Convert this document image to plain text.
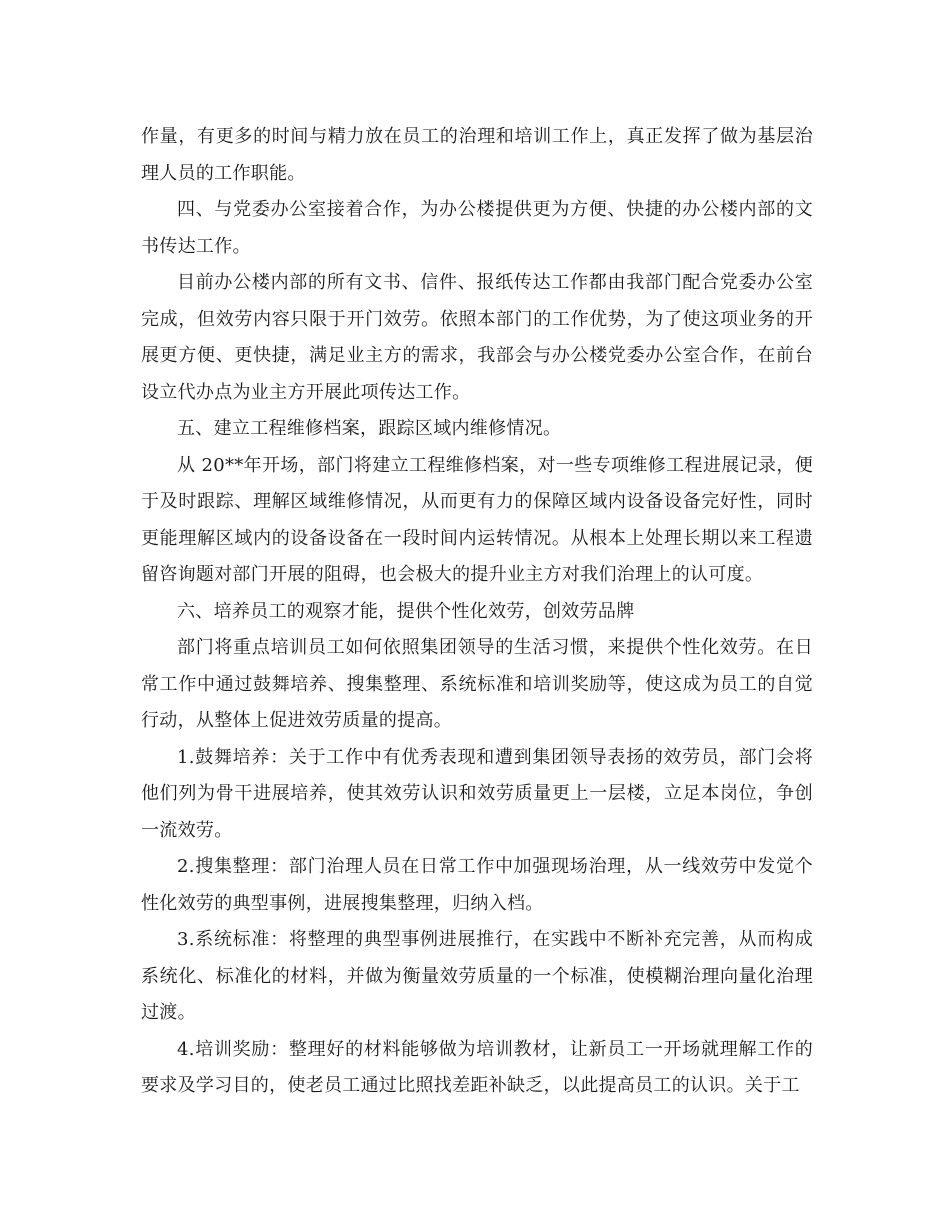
作量，有更多的时间与精力放在员工的治理和培训工作上，真正发挥了做为基层治理人员的工作职能。

四、与党委办公室接着合作，为办公楼提供更为方便、快捷的办公楼内部的文书传达工作。

目前办公楼内部的所有文书、信件、报纸传达工作都由我部门配合党委办公室完成，但效劳内容只限于开门效劳。依照本部门的工作优势，为了使这项业务的开展更方便、更快捷，满足业主方的需求，我部会与办公楼党委办公室合作，在前台设立代办点为业主方开展此项传达工作。

五、建立工程维修档案，跟踪区域内维修情况。

从 20**年开场，部门将建立工程维修档案，对一些专项维修工程进展记录，便于及时跟踪、理解区域维修情况，从而更有力的保障区域内设备设备完好性，同时更能理解区域内的设备设备在一段时间内运转情况。从根本上处理长期以来工程遗留咨询题对部门开展的阻碍，也会极大的提升业主方对我们治理上的认可度。

六、培养员工的观察才能，提供个性化效劳，创效劳品牌

部门将重点培训员工如何依照集团领导的生活习惯，来提供个性化效劳。在日常工作中通过鼓舞培养、搜集整理、系统标准和培训奖励等，使这成为员工的自觉行动，从整体上促进效劳质量的提高。

1.鼓舞培养：关于工作中有优秀表现和遭到集团领导表扬的效劳员，部门会将他们列为骨干进展培养，使其效劳认识和效劳质量更上一层楼，立足本岗位，争创一流效劳。

2.搜集整理：部门治理人员在日常工作中加强现场治理，从一线效劳中发觉个性化效劳的典型事例，进展搜集整理，归纳入档。

3.系统标准：将整理的典型事例进展推行，在实践中不断补充完善，从而构成系统化、标准化的材料，并做为衡量效劳质量的一个标准，使模糊治理向量化治理过渡。

4.培训奖励：整理好的材料能够做为培训教材，让新员工一开场就理解工作的要求及学习目的，使老员工通过比照找差距补缺乏，以此提高员工的认识。关于工
